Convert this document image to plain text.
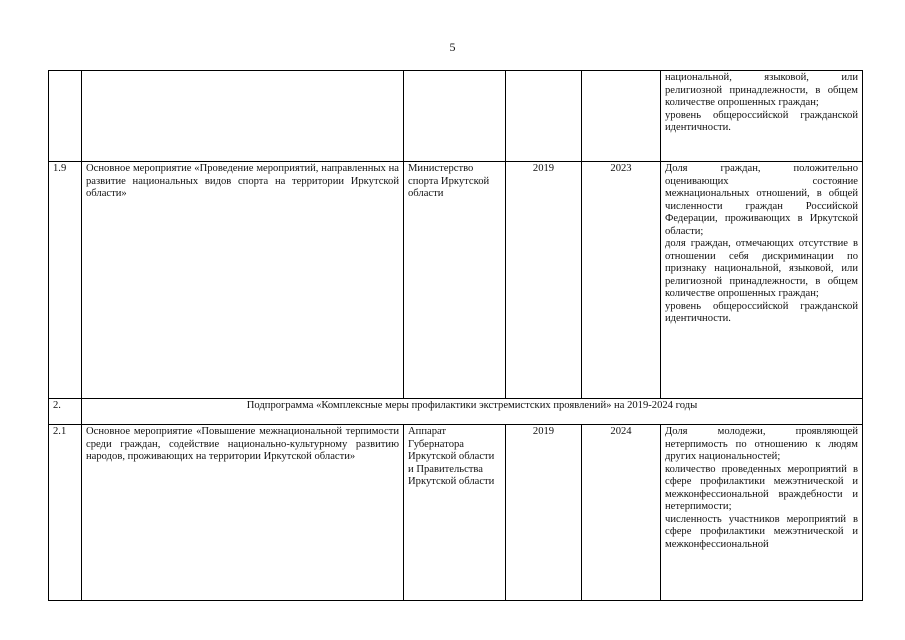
5

					национальной, языковой, или религиозной принадлежности, в общем количестве опрошенных граждан;

уровень общероссийской гражданской идентичности.

1.9	Основное мероприятие «Проведение мероприятий, направленных на развитие национальных видов спорта на территории Иркутской области»	Министерство спорта Иркутской области	2019	2023	Доля граждан, положительно оценивающих состояние межнациональных отношений, в общей численности граждан Российской Федерации, проживающих в Иркутской области;

доля граждан, отмечающих отсутствие в отношении себя дискриминации по признаку национальной, языковой, или религиозной принадлежности, в общем количестве опрошенных граждан;

уровень общероссийской гражданской идентичности.

2.	Подпрограмма «Комплексные меры профилактики экстремистских проявлений» на 2019-2024 годы				
2.1	Основное мероприятие «Повышение межнациональной терпимости среди граждан, содействие национально-культурному развитию народов, проживающих на территории Иркутской области»	Аппарат Губернатора Иркутской области и Правительства Иркутской области	2019	2024	Доля молодежи, проявляющей нетерпимость по отношению к людям других национальностей;

количество проведенных мероприятий в сфере профилактики межэтнической и межконфессиональной враждебности и нетерпимости;

численность участников мероприятий в сфере профилактики межэтнической и межконфессиональной
